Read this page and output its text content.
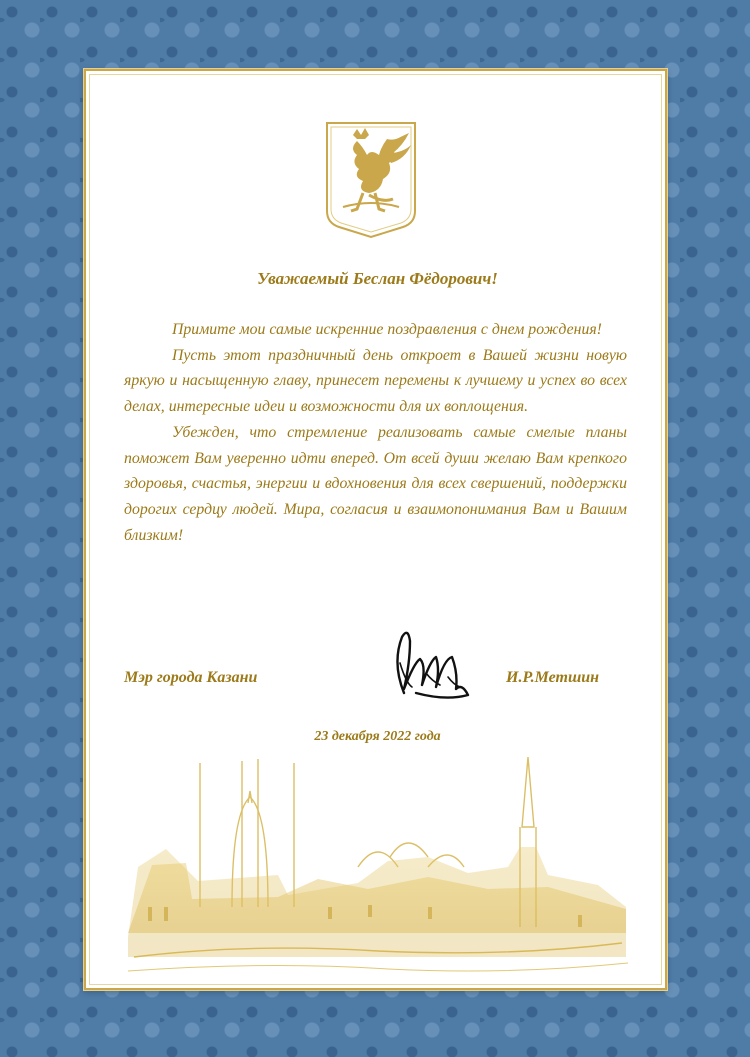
Уважаемый Беслан Фёдорович!

Примите мои самые искренние поздравления с днем рождения!

Пусть этот праздничный день откроет в Вашей жизни новую яркую и насыщенную главу, принесет перемены к лучшему и успех во всех делах, интересные идеи и возможности для их воплощения.

Убежден, что стремление реализовать самые смелые планы поможет Вам уверенно идти вперед. От всей души желаю Вам крепкого здоровья, счастья, энергии и вдохновения для всех свершений, поддержки дорогих сердцу людей. Мира, согласия и взаимопонимания Вам и Вашим близким!

Мэр города Казани	И.Р.Метшин
23 декабря 2022 года
